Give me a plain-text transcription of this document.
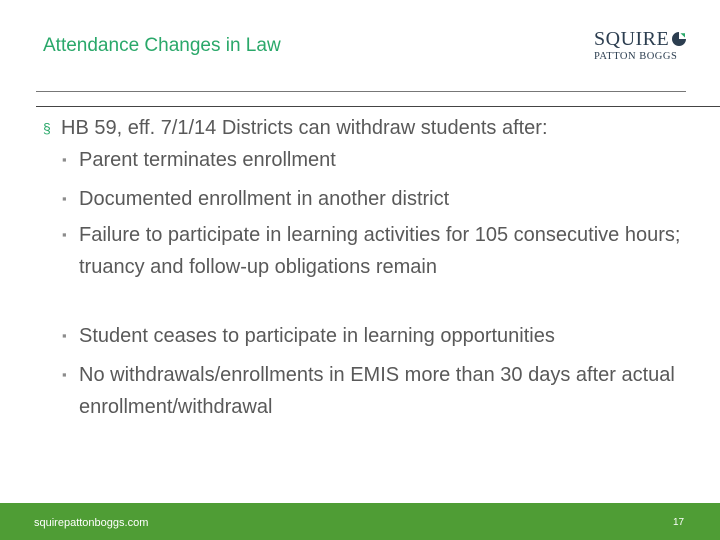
Attendance Changes in Law	SQUIRE
PATTON BOGGS
§ HB 59, eff. 7/1/14 Districts can withdraw students after:
▪ Parent terminates enrollment
▪ Documented enrollment in another district
▪ Failure to participate in learning activities for 105 consecutive hours; truancy and follow-up obligations remain
▪ Student ceases to participate in learning opportunities
▪ No withdrawals/enrollments in EMIS more than 30 days after actual enrollment/withdrawal
squirepattonboggs.com	17
